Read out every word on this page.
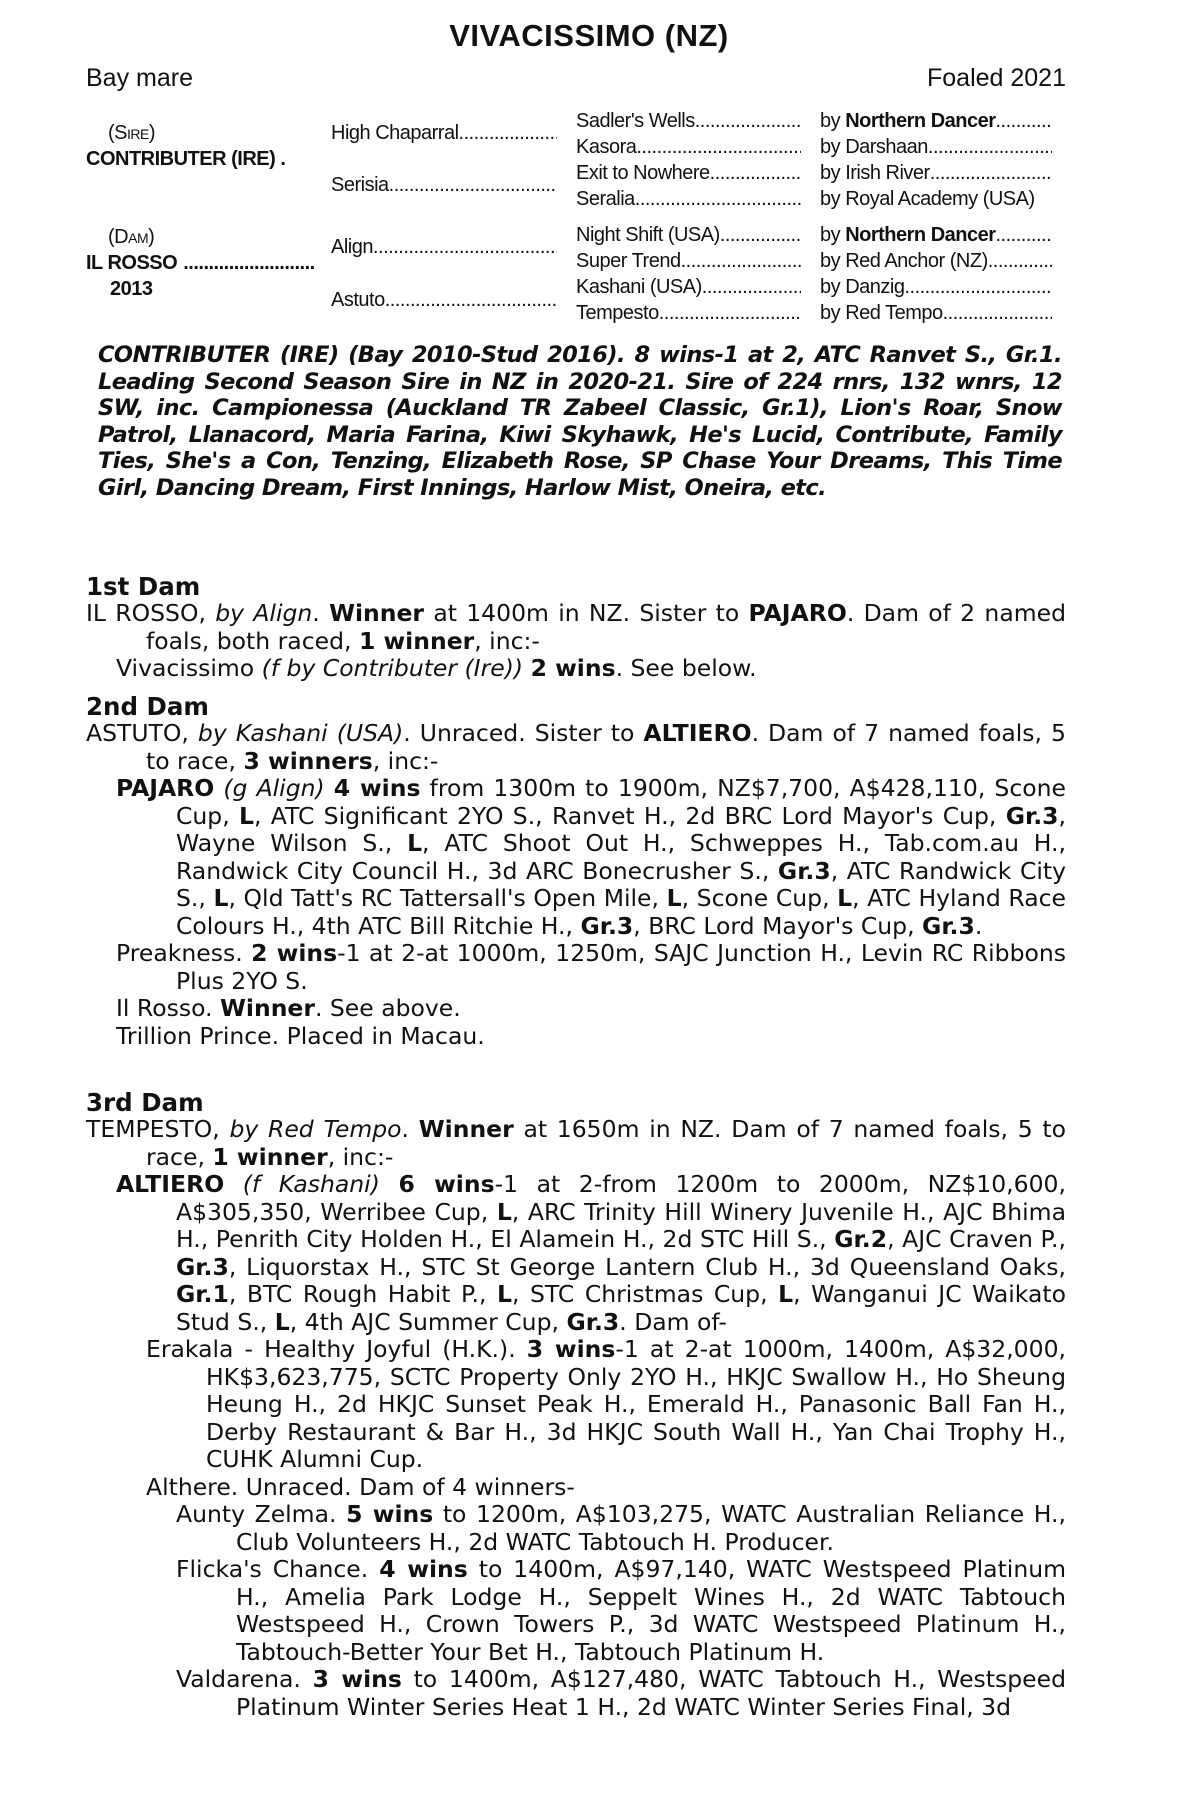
VIVACISSIMO (NZ)
Bay mare	Foaled 2021
(Sire)
CONTRIBUTER (IRE) .
(Dam)
IL ROSSO
.....
2013
High Chaparral
.....
Serisia
.....
Align
.....
Astuto
.....
Sadler's Wells
.....
Kasora
.....
Exit to Nowhere
.....
Seralia
.....
Night Shift (USA)
.....
Super Trend
.....
Kashani (USA)
.....
Tempesto
.....
by
Northern Dancer
.....
by
Darshaan
.....
by
Irish River
.....
by
Royal Academy (USA)
by
Northern Dancer
.....
by
Red Anchor (NZ)
.....
by
Danzig
.....
by
Red Tempo
.....
CONTRIBUTER (IRE) (Bay 2010-Stud 2016). 8 wins-1 at 2, ATC Ranvet S., Gr.1. Leading Second Season Sire in NZ in 2020-21. Sire of 224 rnrs, 132 wnrs, 12 SW, inc. Campionessa (Auckland TR Zabeel Classic, Gr.1), Lion's Roar, Snow Patrol, Llanacord, Maria Farina, Kiwi Skyhawk, He's Lucid, Contribute, Family Ties, She's a Con, Tenzing, Elizabeth Rose, SP Chase Your Dreams, This Time Girl, Dancing Dream, First Innings, Harlow Mist, Oneira, etc.
1st Dam

IL ROSSO, by Align. Winner at 1400m in NZ. Sister to PAJARO. Dam of 2 named foals, both raced, 1 winner, inc:-

Vivacissimo (f by Contributer (Ire)) 2 wins. See below.

2nd Dam

ASTUTO, by Kashani (USA). Unraced. Sister to ALTIERO. Dam of 7 named foals, 5 to race, 3 winners, inc:-

PAJARO (g Align) 4 wins from 1300m to 1900m, NZ$7,700, A$428,110, Scone Cup, L, ATC Significant 2YO S., Ranvet H., 2d BRC Lord Mayor's Cup, Gr.3, Wayne Wilson S., L, ATC Shoot Out H., Schweppes H., Tab.com.au H., Randwick City Council H., 3d ARC Bonecrusher S., Gr.3, ATC Randwick City S., L, Qld Tatt's RC Tattersall's Open Mile, L, Scone Cup, L, ATC Hyland Race Colours H., 4th ATC Bill Ritchie H., Gr.3, BRC Lord Mayor's Cup, Gr.3.

Preakness. 2 wins-1 at 2-at 1000m, 1250m, SAJC Junction H., Levin RC Ribbons Plus 2YO S.

Il Rosso. Winner. See above.

Trillion Prince. Placed in Macau.

3rd Dam

TEMPESTO, by Red Tempo. Winner at 1650m in NZ. Dam of 7 named foals, 5 to race, 1 winner, inc:-

ALTIERO (f Kashani) 6 wins-1 at 2-from 1200m to 2000m, NZ$10,600, A$305,350, Werribee Cup, L, ARC Trinity Hill Winery Juvenile H., AJC Bhima H., Penrith City Holden H., El Alamein H., 2d STC Hill S., Gr.2, AJC Craven P., Gr.3, Liquorstax H., STC St George Lantern Club H., 3d Queensland Oaks, Gr.1, BTC Rough Habit P., L, STC Christmas Cup, L, Wanganui JC Waikato Stud S., L, 4th AJC Summer Cup, Gr.3. Dam of-

Erakala - Healthy Joyful (H.K.). 3 wins-1 at 2-at 1000m, 1400m, A$32,000, HK$3,623,775, SCTC Property Only 2YO H., HKJC Swallow H., Ho Sheung Heung H., 2d HKJC Sunset Peak H., Emerald H., Panasonic Ball Fan H., Derby Restaurant & Bar H., 3d HKJC South Wall H., Yan Chai Trophy H., CUHK Alumni Cup.

Althere. Unraced. Dam of 4 winners-

Aunty Zelma. 5 wins to 1200m, A$103,275, WATC Australian Reliance H., Club Volunteers H., 2d WATC Tabtouch H. Producer.

Flicka's Chance. 4 wins to 1400m, A$97,140, WATC Westspeed Platinum H., Amelia Park Lodge H., Seppelt Wines H., 2d WATC Tabtouch Westspeed H., Crown Towers P., 3d WATC Westspeed Platinum H., Tabtouch-Better Your Bet H., Tabtouch Platinum H.

Valdarena. 3 wins to 1400m, A$127,480, WATC Tabtouch H., Westspeed Platinum Winter Series Heat 1 H., 2d WATC Winter Series Final, 3d
